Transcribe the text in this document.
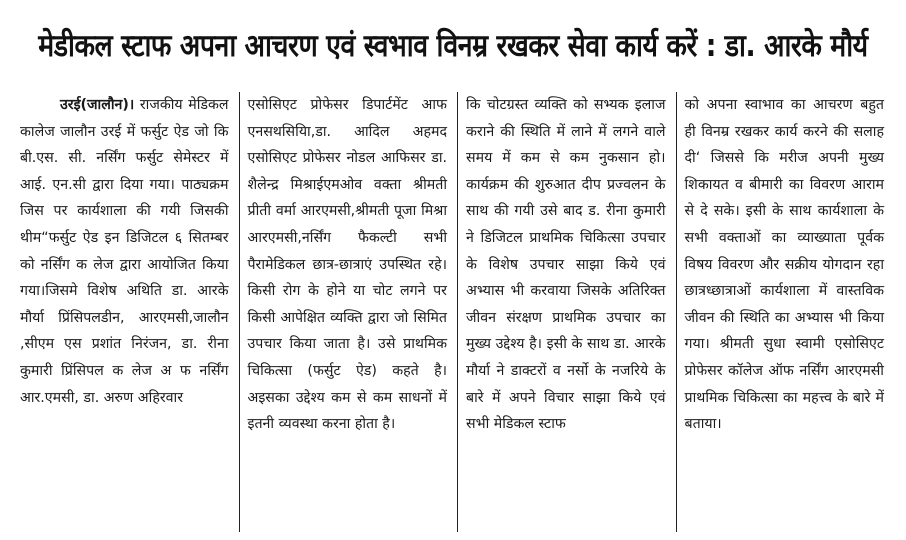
मेडीकल स्टाफ अपना आचरण एवं स्वभाव विनम्र रखकर सेवा कार्य करें : डा. आरके मौर्य
उरई(जालौन)। राजकीय मेडिकल कालेज जालौन उरई में फर्सुट ऐड जो कि बी.एस. सी. नर्सिंग फर्सुट सेमेस्टर में आई. एन.सी द्वारा दिया गया। पाठ्यक्रम जिस पर कार्यशाला की गयी जिसकी थीम“फर्सुट ऐड इन डिजिटल ६ सितम्बर को नर्सिंग क लेज द्वारा आयोजित किया गया।जिसमे विशेष अथिति डा. आरके मौर्या प्रिंसिपलडीन, आरएमसी,जालौन ,सीएम एस प्रशांत निरंजन, डा. रीना कुमारी प्रिंसिपल क लेज अ फ नर्सिंग आर.एमसी, डा. अरुण अहिरवार
एसोसिएट प्रोफेसर डिपार्टमेंट आफ एनसथसियिा,डा. आदिल अहमद एसोसिएट प्रोफेसर नोडल आफिसर डा. शैलेन्द्र मिश्राईएमओव वक्ता श्रीमती प्रीती वर्मा आरएमसी,श्रीमती पूजा मिश्रा आरएमसी,नर्सिंग फैकल्टी सभी पैरामेडिकल छात्र-छात्राएं उपस्थित रहे। किसी रोग के होने या चोट लगने पर किसी आपेक्षित व्यक्ति द्वारा जो सिमित उपचार किया जाता है। उसे प्राथमिक चिकित्सा (फर्सुट ऐड) कहते है। अइसका उद्देश्य कम से कम साधनों में इतनी व्यवस्था करना होता है।
कि चोटग्रस्त व्यक्ति को सभ्यक इलाज कराने की स्थिति में लाने में लगने वाले समय में कम से कम नुकसान हो। कार्यक्रम की शुरुआत दीप प्रज्वलन के साथ की गयी उसे बाद ड. रीना कुमारी ने डिजिटल प्राथमिक चिकित्सा उपचार के विशेष उपचार साझा किये एवं अभ्यास भी करवाया जिसके अतिरिक्त जीवन संरक्षण प्राथमिक उपचार का मुख्य उद्देश्य है। इसी के साथ डा. आरके मौर्या ने डाक्टरों व नर्सो के नजरिये के बारे में अपने विचार साझा किये एवं सभी मेडिकल स्टाफ
को अपना स्वाभाव का आचरण बहुत ही विनम्र रखकर कार्य करने की सलाह दी‘ जिससे कि मरीज अपनी मुख्य शिकायत व बीमारी का विवरण आराम से दे सके। इसी के साथ कार्यशाला के सभी वक्ताओं का व्याख्याता पूर्वक विषय विवरण और सक्रीय योगदान रहा छात्रध्छात्राओं कार्यशाला में वास्तविक जीवन की स्थिति का अभ्यास भी किया गया। श्रीमती सुधा स्वामी एसोसिएट प्रोफेसर कॉलेज ऑफ नर्सिंग आरएमसी प्राथमिक चिकित्सा का महत्त्व के बारे में बताया।
